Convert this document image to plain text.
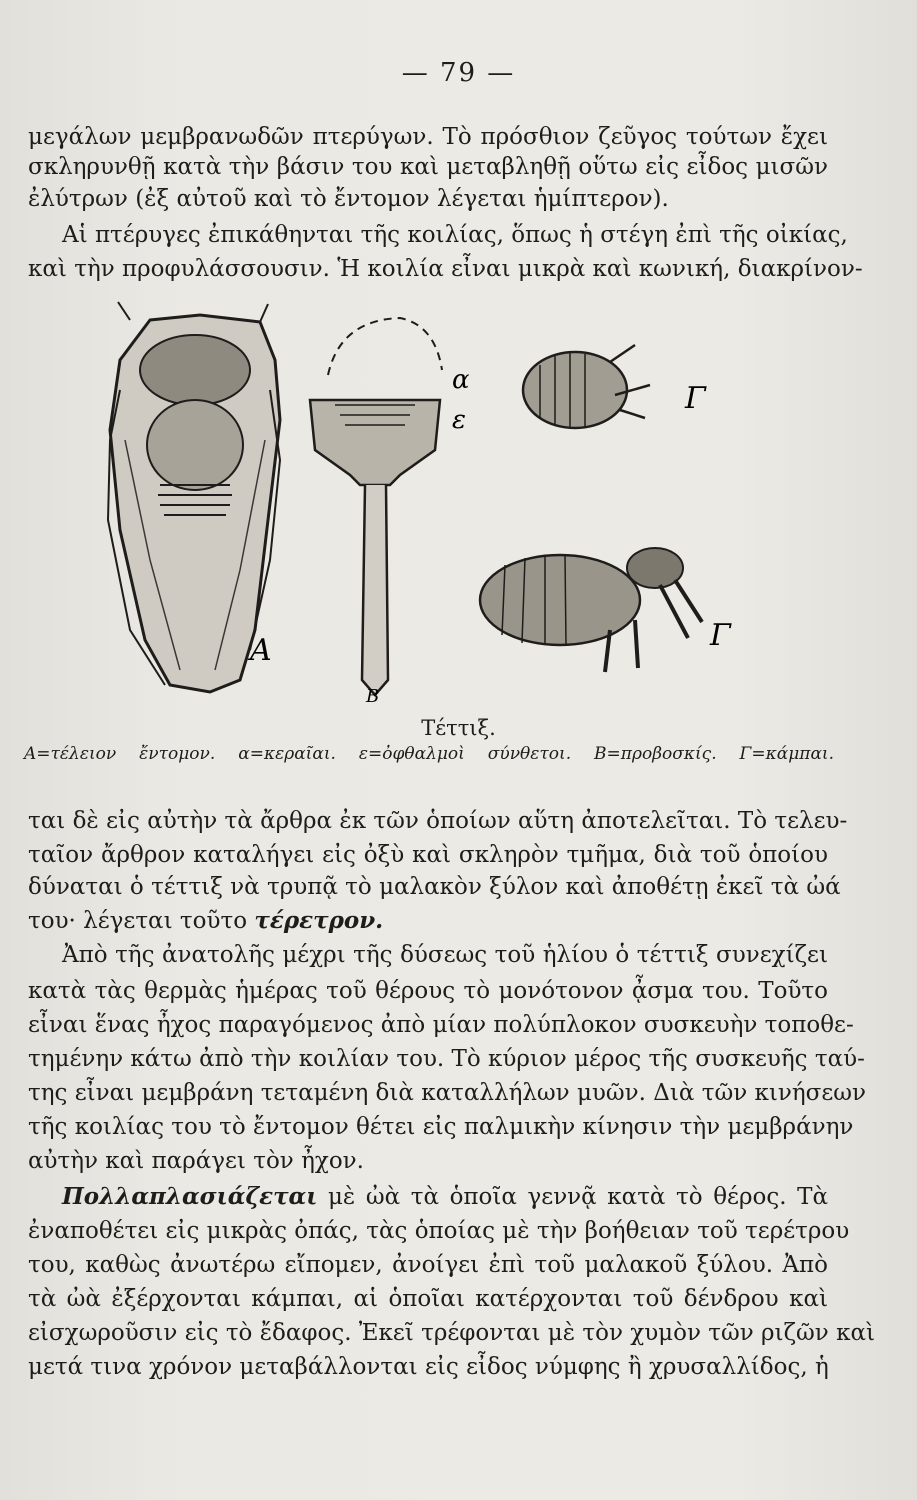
— 79 —
μεγάλων μεμβρανωδῶν πτερύγων. Τὸ πρόσθιον ζεῦγος τούτων ἔχει
σκληρυνθῇ κατὰ τὴν βάσιν του καὶ μεταβληθῇ οὕτω εἰς εἶδος μισῶν
ἐλύτρων (ἐξ αὐτοῦ καὶ τὸ ἔντομον λέγεται ἡμίπτερον).
Αἱ πτέρυγες ἐπικάθηνται τῆς κοιλίας, ὅπως ἡ στέγη ἐπὶ τῆς οἰκίας,
καὶ τὴν προφυλάσσουσιν. Ἡ κοιλία εἶναι μικρὰ καὶ κωνική, διακρίνον-
A
α
ε
B
Γ
Γ
Τέττιξ.
Α=τέλειον ἔντομον. α=κεραῖαι. ε=ὀφθαλμοὶ σύνθετοι. Β=προβοσκίς. Γ=κάμπαι.
ται δὲ εἰς αὐτὴν τὰ ἄρθρα ἐκ τῶν ὁποίων αὕτη ἀποτελεῖται. Τὸ τελευ-
ταῖον ἄρθρον καταλήγει εἰς ὀξὺ καὶ σκληρὸν τμῆμα, διὰ τοῦ ὁποίου
δύναται ὁ τέττιξ νὰ τρυπᾷ τὸ μαλακὸν ξύλον καὶ ἀποθέτῃ ἐκεῖ τὰ ὠά
του· λέγεται τοῦτο τέρετρον.
Ἀπὸ τῆς ἀνατολῆς μέχρι τῆς δύσεως τοῦ ἡλίου ὁ τέττιξ συνεχίζει
κατὰ τὰς θερμὰς ἡμέρας τοῦ θέρους τὸ μονότονον ᾆσμα του. Τοῦτο
εἶναι ἕνας ἦχος παραγόμενος ἀπὸ μίαν πολύπλοκον συσκευὴν τοποθε-
τημένην κάτω ἀπὸ τὴν κοιλίαν του. Τὸ κύριον μέρος τῆς συσκευῆς ταύ-
της εἶναι μεμβράνη τεταμένη διὰ καταλλήλων μυῶν. Διὰ τῶν κινήσεων
τῆς κοιλίας του τὸ ἔντομον θέτει εἰς παλμικὴν κίνησιν τὴν μεμβράνην
αὐτὴν καὶ παράγει τὸν ἦχον.
Πολλαπλασιάζεται μὲ ὠὰ τὰ ὁποῖα γεννᾷ κατὰ τὸ θέρος. Τὰ
ἐναποθέτει εἰς μικρὰς ὀπάς, τὰς ὁποίας μὲ τὴν βοήθειαν τοῦ τερέτρου
του, καθὼς ἀνωτέρω εἴπομεν, ἀνοίγει ἐπὶ τοῦ μαλακοῦ ξύλου. Ἀπὸ
τὰ ὠὰ ἐξέρχονται κάμπαι, αἱ ὁποῖαι κατέρχονται τοῦ δένδρου καὶ
εἰσχωροῦσιν εἰς τὸ ἔδαφος. Ἐκεῖ τρέφονται μὲ τὸν χυμὸν τῶν ριζῶν καὶ
μετά τινα χρόνον μεταβάλλονται εἰς εἶδος νύμφης ἢ χρυσαλλίδος, ἡ
